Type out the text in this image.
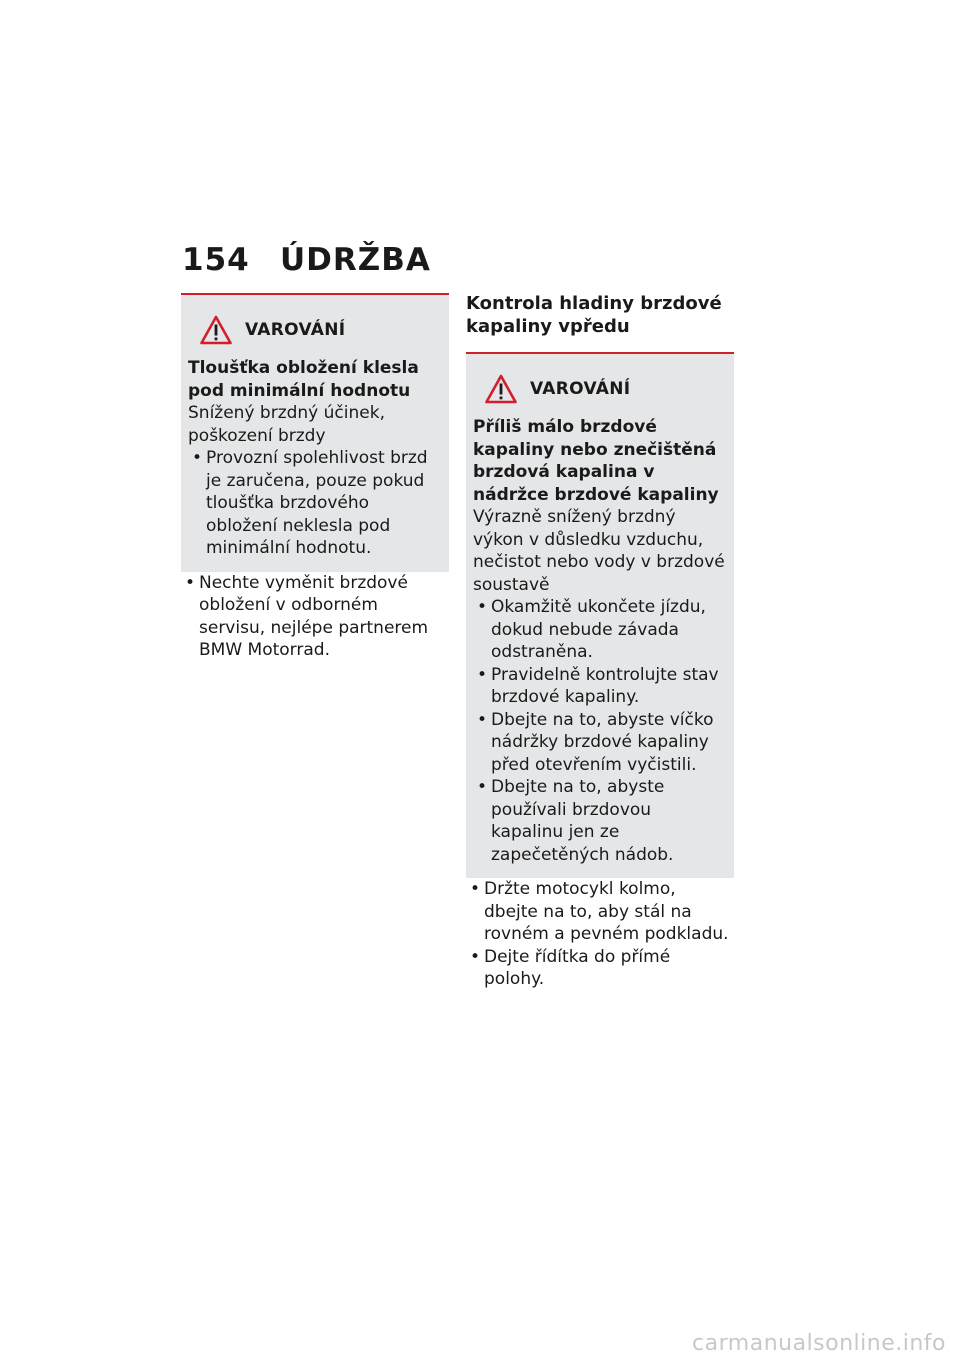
154 ÚDRŽBA
VAROVÁNÍ
Tloušťka obložení klesla pod minimální hodnotu
Snížený brzdný účinek, poškození brzdy
• Provozní spolehlivost brzd je zaručena, pouze pokud tloušťka brzdového obložení neklesla pod minimální hodnotu.
• Nechte vyměnit brzdové obložení v odborném servisu, nejlépe partnerem BMW Motorrad.
Kontrola hladiny brzdové kapaliny vpředu
VAROVÁNÍ
Příliš málo brzdové kapaliny nebo znečištěná brzdová kapalina v nádržce brzdové kapaliny
Výrazně snížený brzdný výkon v důsledku vzduchu, nečistot nebo vody v brzdové soustavě
• Okamžitě ukončete jízdu, dokud nebude závada odstraněna.
• Pravidelně kontrolujte stav brzdové kapaliny.
• Dbejte na to, abyste víčko nádržky brzdové kapaliny před otevřením vyčistili.
• Dbejte na to, abyste používali brzdovou kapalinu jen ze zapečetěných nádob.
• Držte motocykl kolmo, dbejte na to, aby stál na rovném a pevném podkladu.
• Dejte řídítka do přímé polohy.
carmanualsonline.info
